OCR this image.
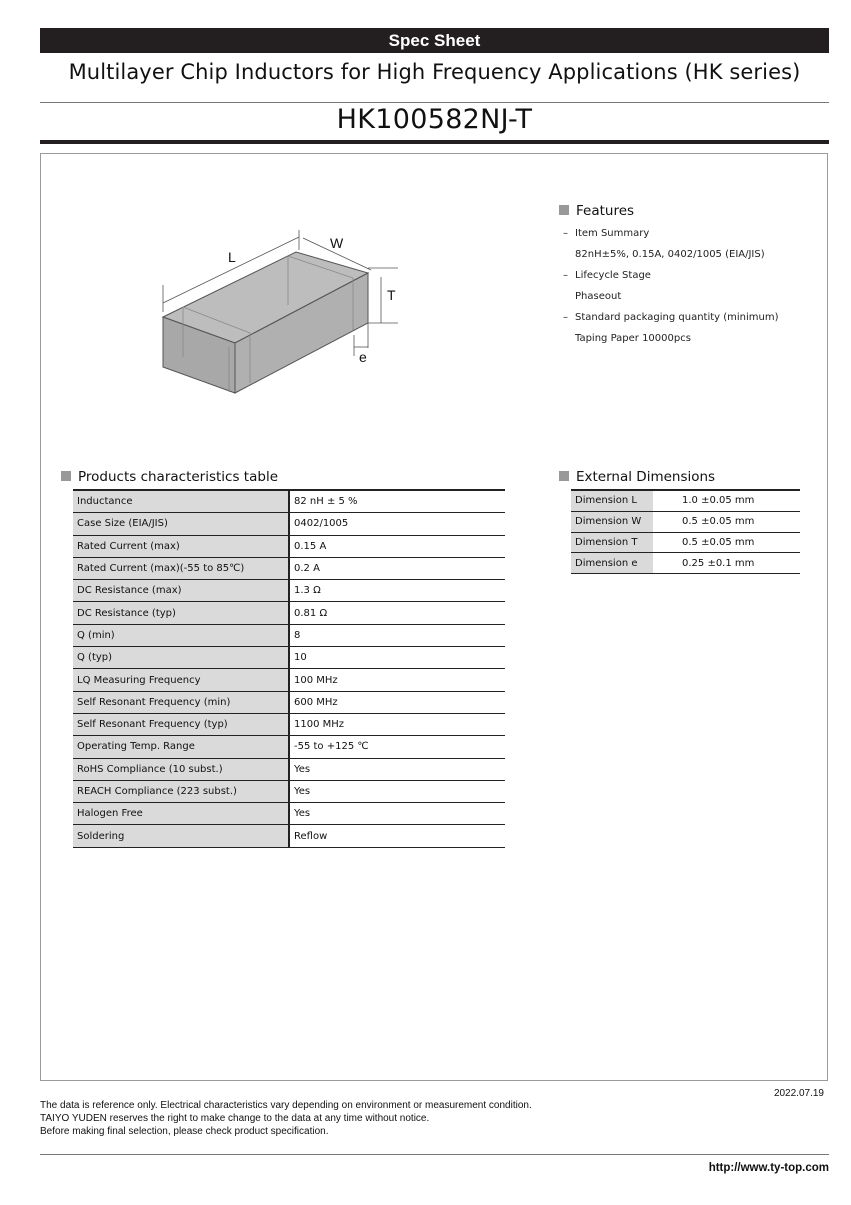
Spec Sheet
Multilayer Chip Inductors for High Frequency Applications (HK series)
HK100582NJ-T
L
W
T
e
Features
– Item Summary
82nH±5%, 0.15A, 0402/1005 (EIA/JIS)
– Lifecycle Stage
Phaseout
– Standard packaging quantity (minimum)
Taping Paper 10000pcs
Products characteristics table
Inductance	82 nH ± 5 %
Case Size (EIA/JIS)	0402/1005
Rated Current (max)	0.15 A
Rated Current (max)(-55 to 85℃)	0.2 A
DC Resistance (max)	1.3 Ω
DC Resistance (typ)	0.81 Ω
Q (min)	8
Q (typ)	10
LQ Measuring Frequency	100 MHz
Self Resonant Frequency (min)	600 MHz
Self Resonant Frequency (typ)	1100 MHz
Operating Temp. Range	-55 to +125 ℃
RoHS Compliance (10 subst.)	Yes
REACH Compliance (223 subst.)	Yes
Halogen Free	Yes
Soldering	Reflow
External Dimensions
Dimension L	1.0 ±0.05 mm
Dimension W	0.5 ±0.05 mm
Dimension T	0.5 ±0.05 mm
Dimension e	0.25 ±0.1 mm
2022.07.19
The data is reference only. Electrical characteristics vary depending on environment or measurement condition.
TAIYO YUDEN reserves the right to make change to the data at any time without notice.
Before making final selection, please check product specification.
http://www.ty-top.com
